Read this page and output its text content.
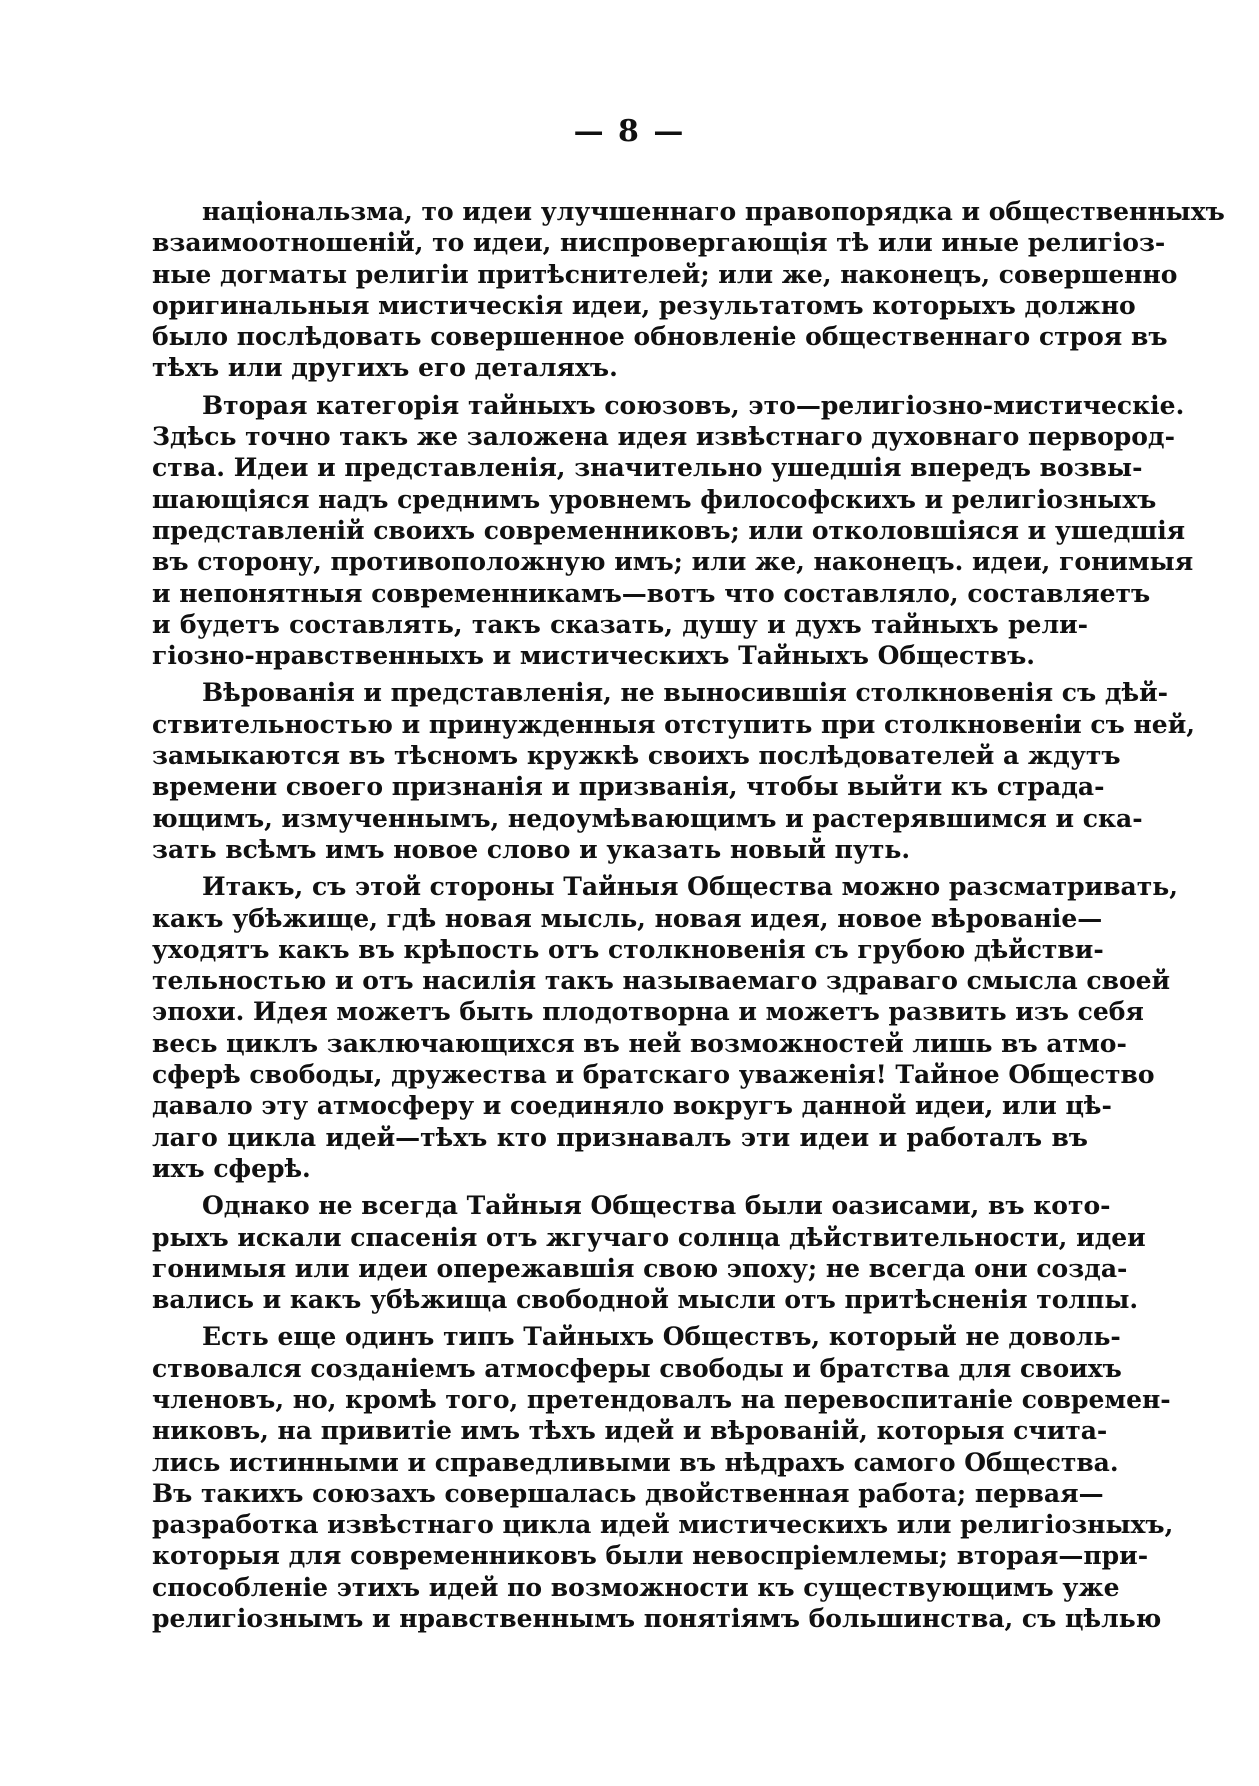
— 8 —
національзма, то идеи улучшеннаго правопорядка и общественныхъ
взаимоотношеній, то идеи, ниспровергающія тѣ или иные религіоз-
ные догматы религіи притѣснителей; или же, наконецъ, совершенно
оригинальныя мистическія идеи, результатомъ которыхъ должно
было послѣдовать совершенное обновленіе общественнаго строя въ
тѣхъ или другихъ его деталяхъ.
Вторая категорія тайныхъ союзовъ, это—религіозно-мистическіе.
Здѣсь точно такъ же заложена идея извѣстнаго духовнаго первород-
ства. Идеи и представленія, значительно ушедшія впередъ возвы-
шающіяся надъ среднимъ уровнемъ философскихъ и религіозныхъ
представленій своихъ современниковъ; или отколовшіяся и ушедшія
въ сторону, противоположную имъ; или же, наконецъ. идеи, гонимыя
и непонятныя современникамъ—вотъ что составляло, составляетъ
и будетъ составлять, такъ сказать, душу и духъ тайныхъ рели-
гіозно-нравственныхъ и мистическихъ Тайныхъ Обществъ.
Вѣрованія и представленія, не выносившія столкновенія съ дѣй-
ствительностью и принужденныя отступить при столкновеніи съ ней,
замыкаются въ тѣсномъ кружкѣ своихъ послѣдователей а ждутъ
времени своего признанія и призванія, чтобы выйти къ страда-
ющимъ, измученнымъ, недоумѣвающимъ и растерявшимся и ска-
зать всѣмъ имъ новое слово и указать новый путь.
Итакъ, съ этой стороны Тайныя Общества можно разсматривать,
какъ убѣжище, гдѣ новая мысль, новая идея, новое вѣрованіе—
уходятъ какъ въ крѣпость отъ столкновенія съ грубою дѣйстви-
тельностью и отъ насилія такъ называемаго здраваго смысла своей
эпохи. Идея можетъ быть плодотворна и можетъ развить изъ себя
весь циклъ заключающихся въ ней возможностей лишь въ атмо-
сферѣ свободы, дружества и братскаго уваженія! Тайное Общество
давало эту атмосферу и соединяло вокругъ данной идеи, или цѣ-
лаго цикла идей—тѣхъ кто признавалъ эти идеи и работалъ въ
ихъ сферѣ.
Однако не всегда Тайныя Общества были оазисами, въ кото-
рыхъ искали спасенія отъ жгучаго солнца дѣйствительности, идеи
гонимыя или идеи опережавшія свою эпоху; не всегда они созда-
вались и какъ убѣжища свободной мысли отъ притѣсненія толпы.
Есть еще одинъ типъ Тайныхъ Обществъ, который не доволь-
ствовался созданіемъ атмосферы свободы и братства для своихъ
членовъ, но, кромѣ того, претендовалъ на перевоспитаніе современ-
никовъ, на привитіе имъ тѣхъ идей и вѣрованій, которыя счита-
лись истинными и справедливыми въ нѣдрахъ самого Общества.
Въ такихъ союзахъ совершалась двойственная работа; первая—
разработка извѣстнаго цикла идей мистическихъ или религіозныхъ,
которыя для современниковъ были невоспріемлемы; вторая—при-
способленіе этихъ идей по возможности къ существующимъ уже
религіознымъ и нравственнымъ понятіямъ большинства, съ цѣлью
